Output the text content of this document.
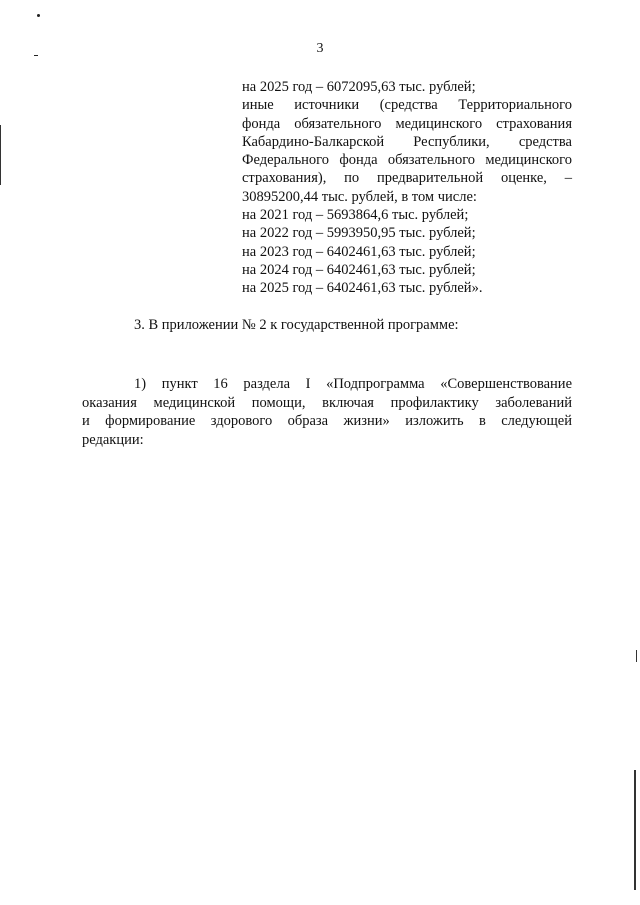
3
на 2025 год – 6072095,63 тыс. рублей;
иные источники (средства Территориального
фонда обязательного медицинского страхования
Кабардино-Балкарской Республики, средства
Федерального фонда обязательного медицинского
страхования), по предварительной оценке, –
30895200,44 тыс. рублей, в том числе:
на 2021 год – 5693864,6 тыс. рублей;
на 2022 год – 5993950,95 тыс. рублей;
на 2023 год – 6402461,63 тыс. рублей;
на 2024 год – 6402461,63 тыс. рублей;
на 2025 год – 6402461,63 тыс. рублей».
3. В приложении № 2 к государственной программе:
1) пункт 16 раздела I «Подпрограмма «Совершенствование
оказания медицинской помощи, включая профилактику заболеваний
и формирование здорового образа жизни» изложить в следующей
редакции:
